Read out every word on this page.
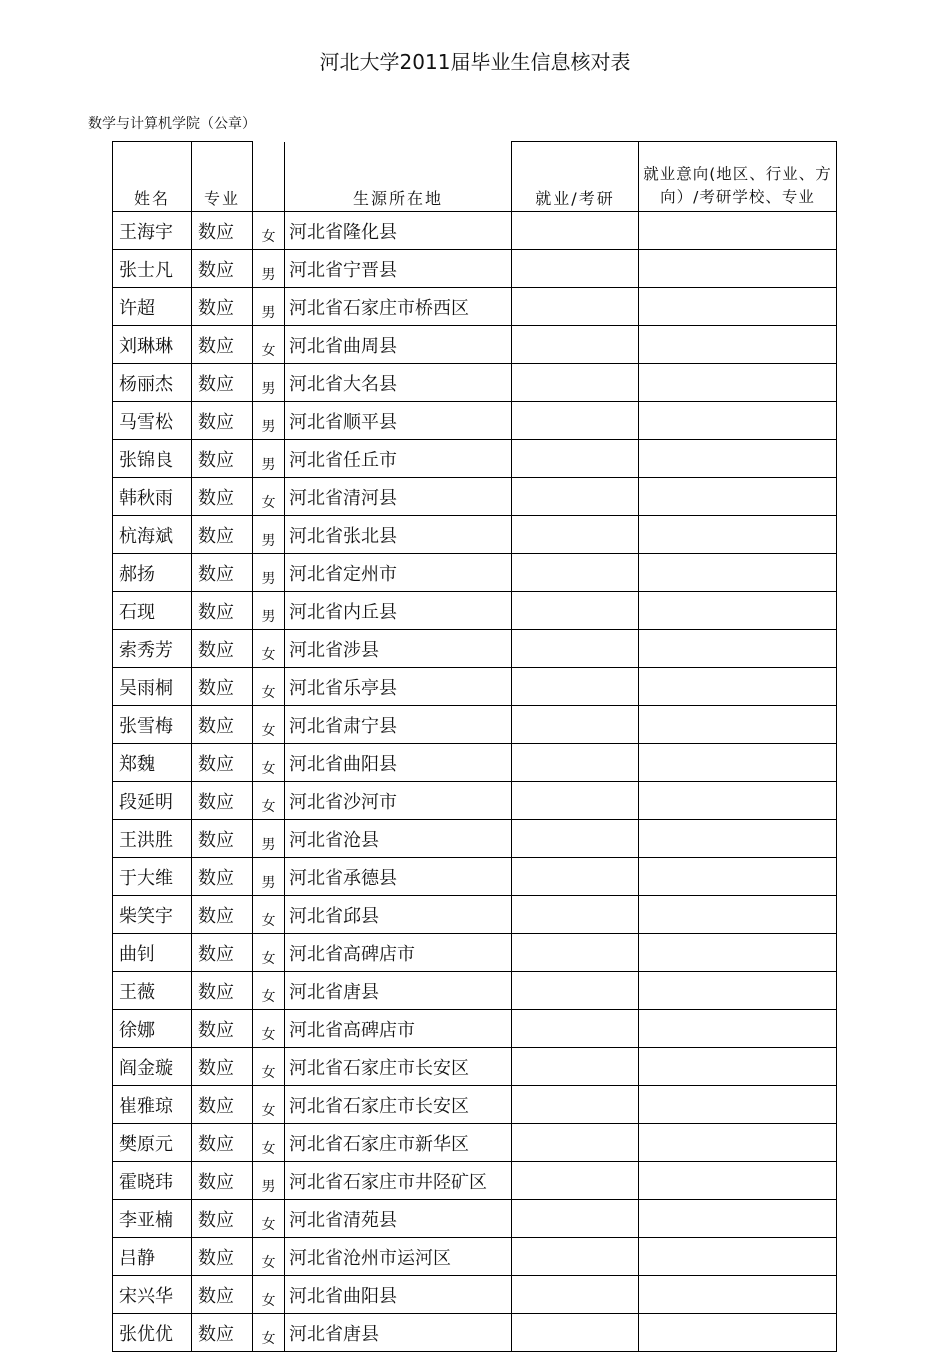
河北大学2011届毕业生信息核对表
数学与计算机学院（公章）
姓名	专业		生源所在地	就业/考研	就业意向(地区、行业、方向）/考研学校、专业
王海宇	数应	女	河北省隆化县		
张士凡	数应	男	河北省宁晋县		
许超	数应	男	河北省石家庄市桥西区		
刘琳琳	数应	女	河北省曲周县		
杨丽杰	数应	男	河北省大名县		
马雪松	数应	男	河北省顺平县		
张锦良	数应	男	河北省任丘市		
韩秋雨	数应	女	河北省清河县		
杭海斌	数应	男	河北省张北县		
郝扬	数应	男	河北省定州市		
石现	数应	男	河北省内丘县		
索秀芳	数应	女	河北省涉县		
吴雨桐	数应	女	河北省乐亭县		
张雪梅	数应	女	河北省肃宁县		
郑魏	数应	女	河北省曲阳县		
段延明	数应	女	河北省沙河市		
王洪胜	数应	男	河北省沧县		
于大维	数应	男	河北省承德县		
柴笑宇	数应	女	河北省邱县		
曲钊	数应	女	河北省高碑店市		
王薇	数应	女	河北省唐县		
徐娜	数应	女	河北省高碑店市		
阎金璇	数应	女	河北省石家庄市长安区		
崔雅琼	数应	女	河北省石家庄市长安区		
樊原元	数应	女	河北省石家庄市新华区		
霍晓玮	数应	男	河北省石家庄市井陉矿区		
李亚楠	数应	女	河北省清苑县		
吕静	数应	女	河北省沧州市运河区		
宋兴华	数应	女	河北省曲阳县		
张优优	数应	女	河北省唐县		
